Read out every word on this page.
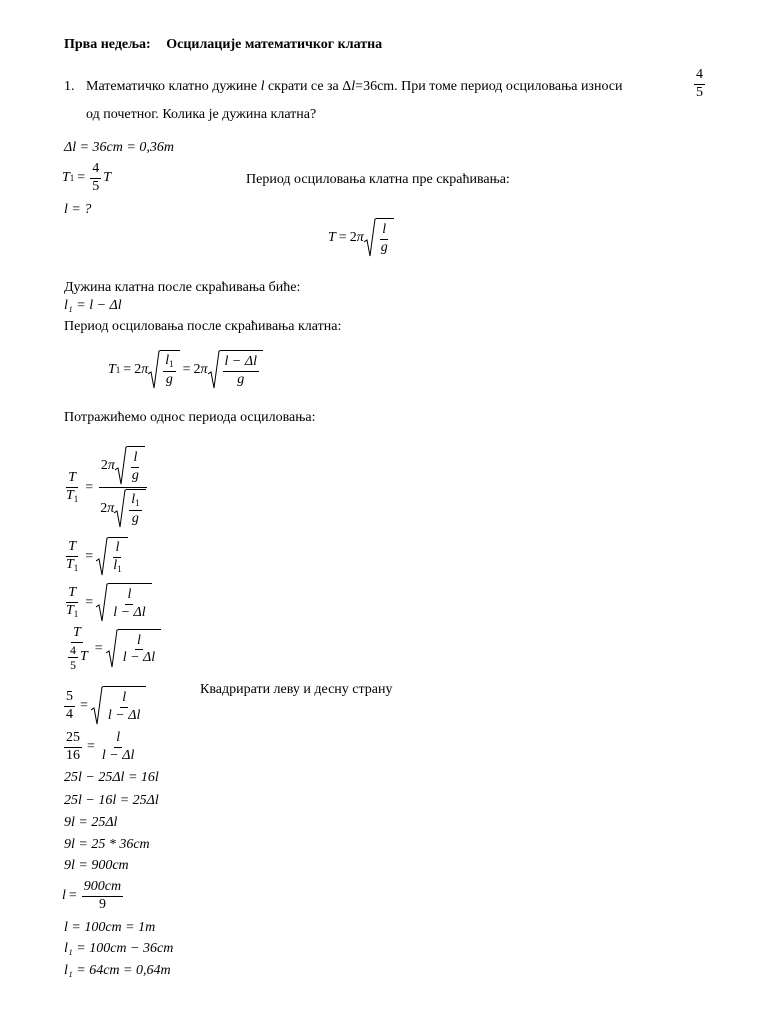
Прва недеља: Осцилације математичког клатна
1. Математичко клатно дужине l скрати се за Δl=36cm. При томе период осциловања износи	$\frac{4}{5}$
од почетног. Колика је дужина клатна?
Δl = 36cm = 0,36m
T $1 = \frac{4}{5}$ T
l = ?
Период осциловања клатна пре скраћивања:
T = 2 π $\frac{l}{g}$
Дужина клатна после скраћивања биће:
l₁ = l − Δl
Период осциловања после скраћивања клатна:
T 1 = 2 π $\frac{l_1}{g} = 2$ π $\frac{l - \Delta l}{g}$
Потражићемо однос периода осциловања:
$\frac{T}{T_1} = \frac{2 \pi \frac{l}{g}}{2 \pi \frac{l_1}{g}}$
$\frac{T}{T_1} = \frac{l}{l_1}$
$\frac{T}{T_1} = \frac{l}{l - \Delta l}$
$\frac{T}{\frac{4}{5} T} = \frac{l}{l - \Delta l}$
$\frac{5}{4} = \frac{l}{l - \Delta l}$
Квадрирати леву и десну страну
$\frac{25}{16} = \frac{l}{l - \Delta l}$
25l − 25Δl = 16l
25l − 16l = 25Δl
9l = 25Δl
9l = 25 * 36cm
9l = 900cm
$l = \frac{900cm}{9}$
l = 100cm = 1m
l₁ = 100cm − 36cm
l₁ = 64cm = 0,64m
